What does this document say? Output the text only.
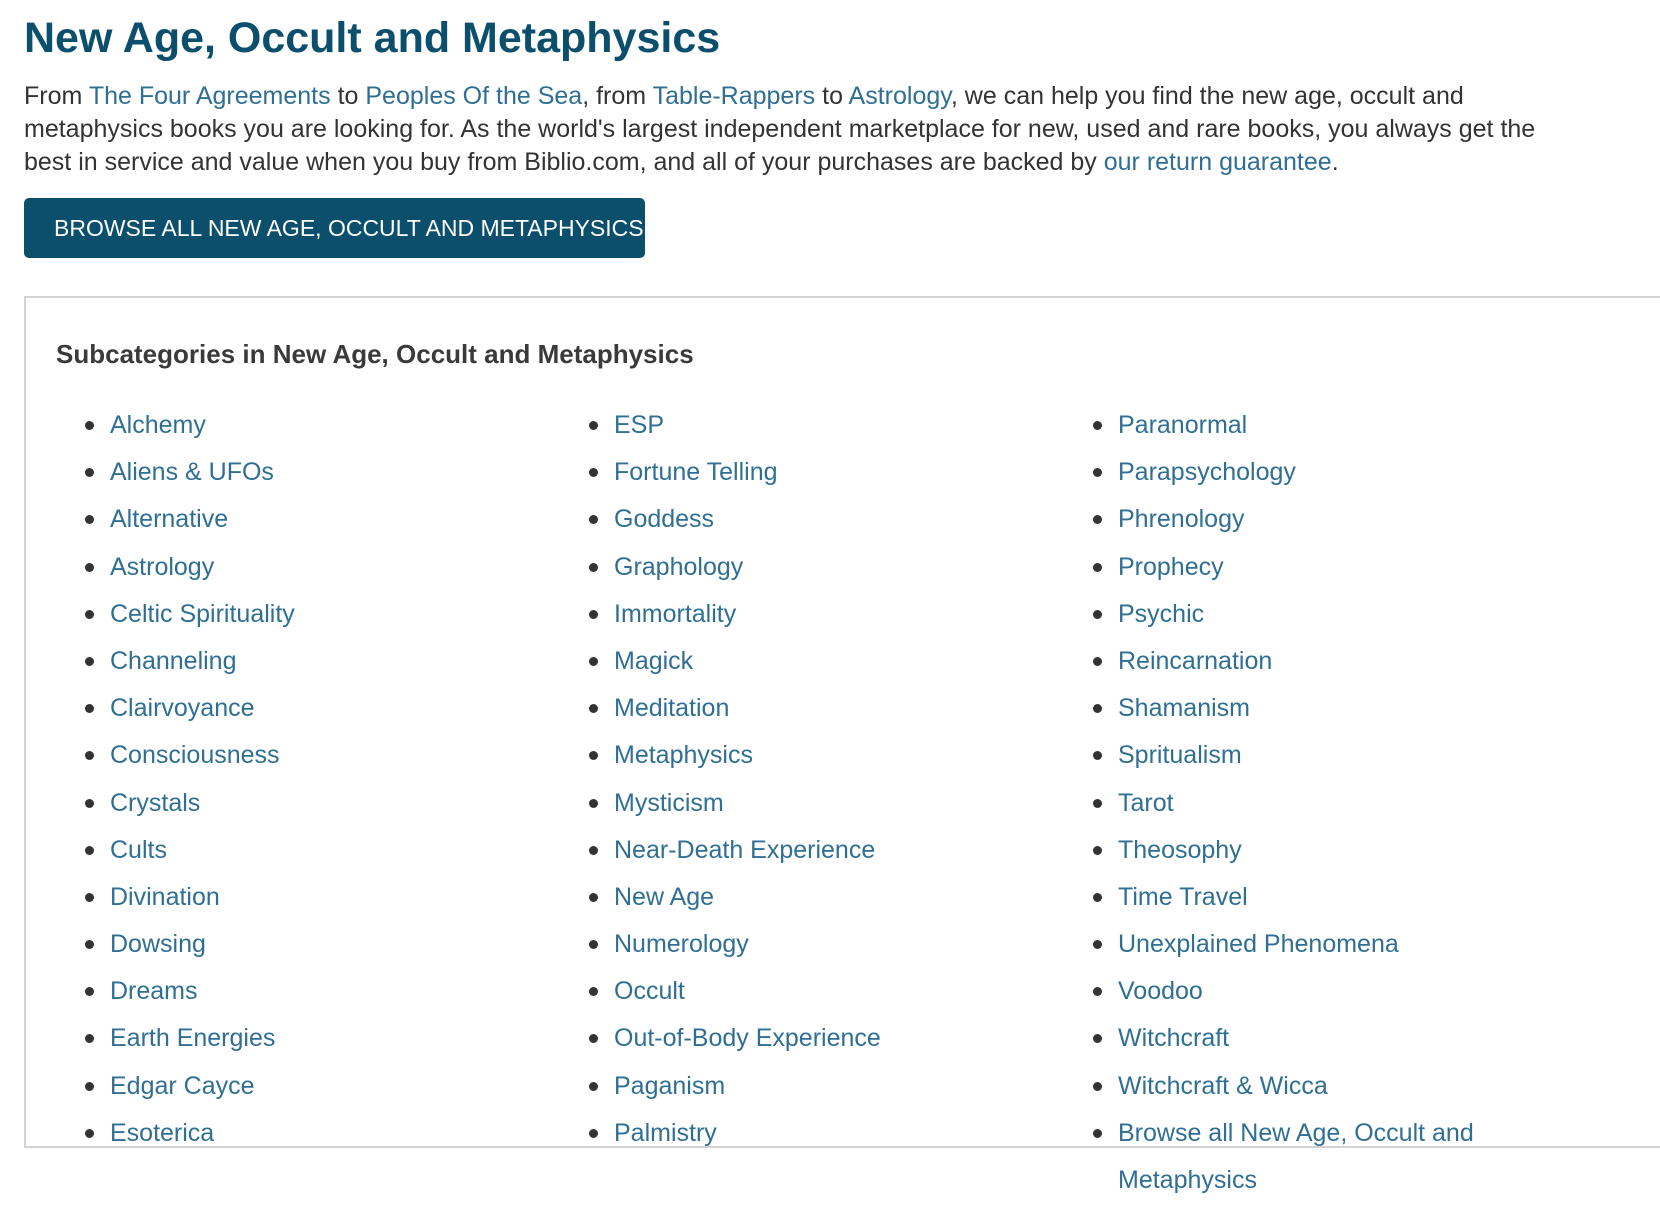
New Age, Occult and Metaphysics

From The Four Agreements to Peoples Of the Sea, from Table-Rappers to Astrology, we can help you find the new age, occult and metaphysics books you are looking for. As the world's largest independent marketplace for new, used and rare books, you always get the best in service and value when you buy from Biblio.com, and all of your purchases are backed by our return guarantee.

BROWSE ALL NEW AGE, OCCULT AND METAPHYSICS
Subcategories in New Age, Occult and Metaphysics
Alchemy
Aliens & UFOs
Alternative
Astrology
Celtic Spirituality
Channeling
Clairvoyance
Consciousness
Crystals
Cults
Divination
Dowsing
Dreams
Earth Energies
Edgar Cayce
Esoterica
ESP
Fortune Telling
Goddess
Graphology
Immortality
Magick
Meditation
Metaphysics
Mysticism
Near-Death Experience
New Age
Numerology
Occult
Out-of-Body Experience
Paganism
Palmistry
Paranormal
Parapsychology
Phrenology
Prophecy
Psychic
Reincarnation
Shamanism
Spritualism
Tarot
Theosophy
Time Travel
Unexplained Phenomena
Voodoo
Witchcraft
Witchcraft & Wicca
Browse all New Age, Occult and Metaphysics
